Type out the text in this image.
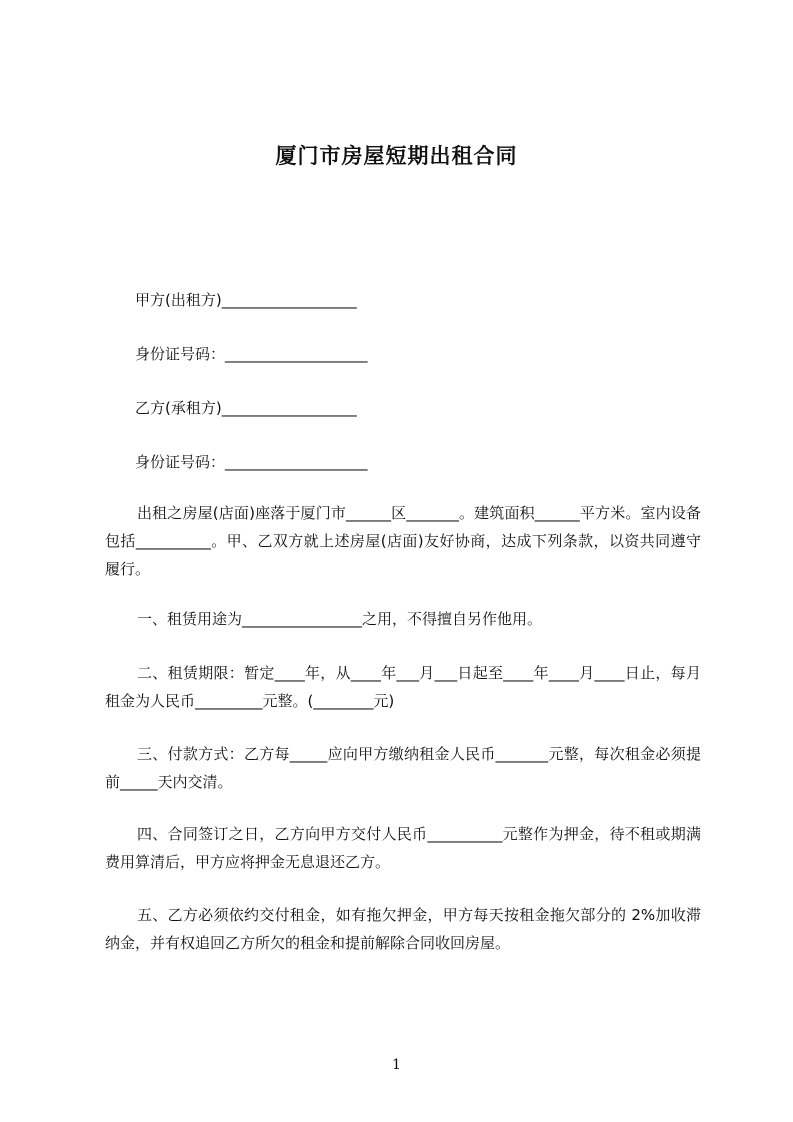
厦门市房屋短期出租合同
甲方(出租方)__________________
身份证号码：___________________
乙方(承租方)__________________
身份证号码：___________________
出租之房屋(店面)座落于厦门市______区_______。建筑面积______平方米。室内设备包括__________。甲、乙双方就上述房屋(店面)友好协商，达成下列条款，以资共同遵守履行。
一、租赁用途为________________之用，不得擅自另作他用。
二、租赁期限：暂定____年，从____年___月___日起至____年____月____日止，每月租金为人民币_________元整。(________元)
三、付款方式：乙方每_____应向甲方缴纳租金人民币_______元整，每次租金必须提前_____天内交清。
四、合同签订之日，乙方向甲方交付人民币__________元整作为押金，待不租或期满费用算清后，甲方应将押金无息退还乙方。
五、乙方必须依约交付租金，如有拖欠押金，甲方每天按租金拖欠部分的 2%加收滞纳金，并有权追回乙方所欠的租金和提前解除合同收回房屋。
1
